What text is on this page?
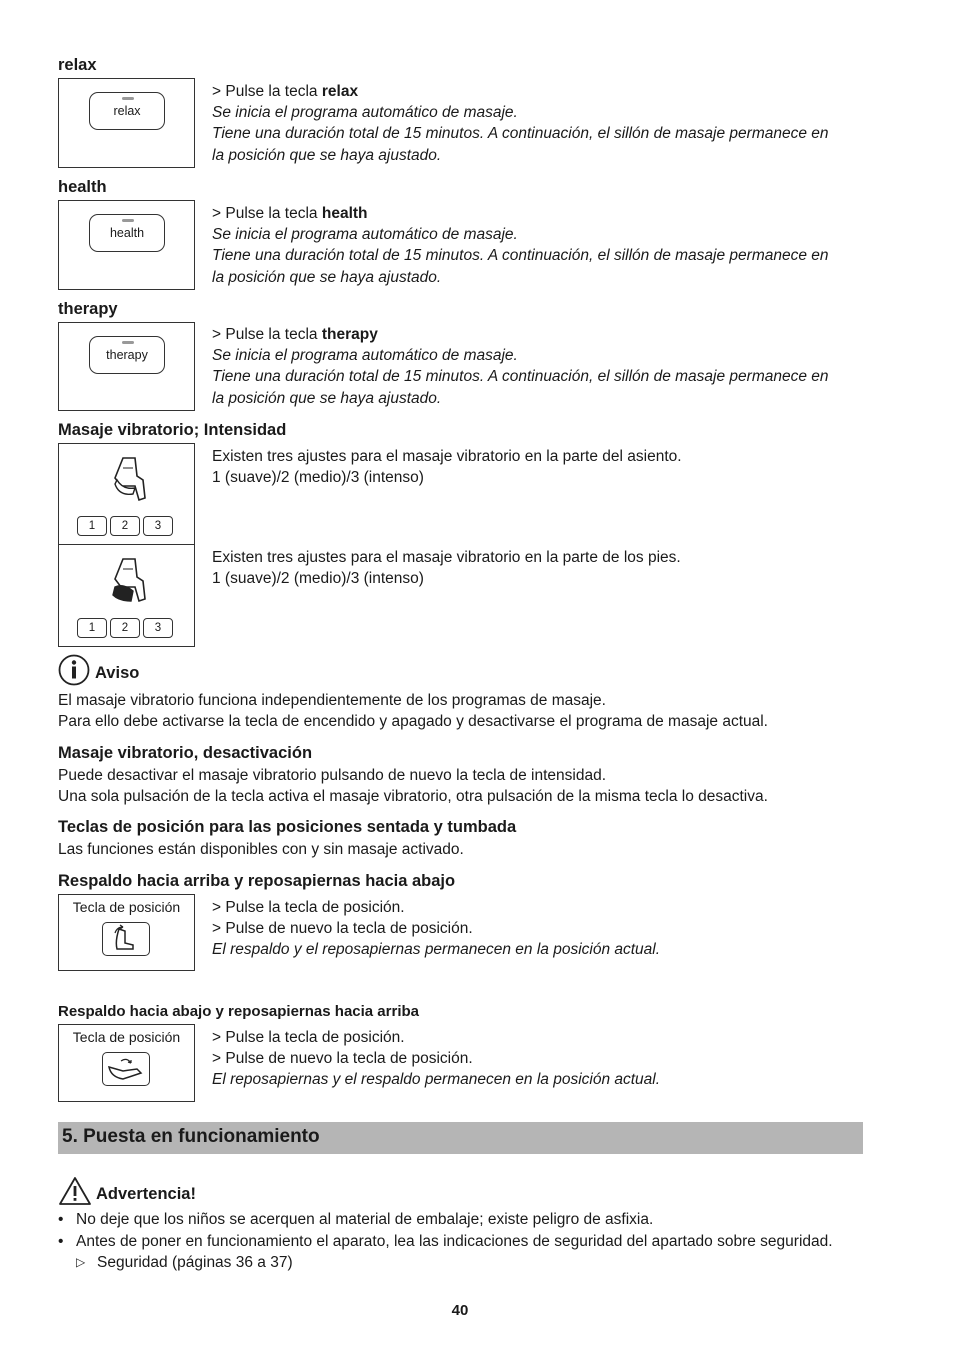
relax
relax
> Pulse la tecla relax
Se inicia el programa automático de masaje.
Tiene una duración total de 15 minutos. A continuación, el sillón de masaje permanece en
la posición que se haya ajustado.
health
health
> Pulse la tecla health
Se inicia el programa automático de masaje.
Tiene una duración total de 15 minutos. A continuación, el sillón de masaje permanece en
la posición que se haya ajustado.
therapy
therapy
> Pulse la tecla therapy
Se inicia el programa automático de masaje.
Tiene una duración total de 15 minutos. A continuación, el sillón de masaje permanece en
la posición que se haya ajustado.
Masaje vibratorio; Intensidad
1	2	3
1	2	3
Existen tres ajustes para el masaje vibratorio en la parte del asiento.
1 (suave)/2 (medio)/3 (intenso)
Existen tres ajustes para el masaje vibratorio en la parte de los pies.
1 (suave)/2 (medio)/3 (intenso)
Aviso
El masaje vibratorio funciona independientemente de los programas de masaje.
Para ello debe activarse la tecla de encendido y apagado y desactivarse el programa de masaje actual.
Masaje vibratorio, desactivación
Puede desactivar el masaje vibratorio pulsando de nuevo la tecla de intensidad.
Una sola pulsación de la tecla activa el masaje vibratorio, otra pulsación de la misma tecla lo desactiva.
Teclas de posición para las posiciones sentada y tumbada
Las funciones están disponibles con y sin masaje activado.
Respaldo hacia arriba y reposapiernas hacia abajo
Tecla de posición	> Pulse la tecla de posición.
> Pulse de nuevo la tecla de posición.
El respaldo y el reposapiernas permanecen en la posición actual.
Respaldo hacia abajo y reposapiernas hacia arriba
Tecla de posición	> Pulse la tecla de posición.
> Pulse de nuevo la tecla de posición.
El reposapiernas y el respaldo permanecen en la posición actual.
5. Puesta en funcionamiento
Advertencia!
• No deje que los niños se acerquen al material de embalaje; existe peligro de asfixia.
• Antes de poner en funcionamiento el aparato, lea las indicaciones de seguridad del apartado sobre seguridad.
▷ Seguridad (páginas 36 a 37)
40
